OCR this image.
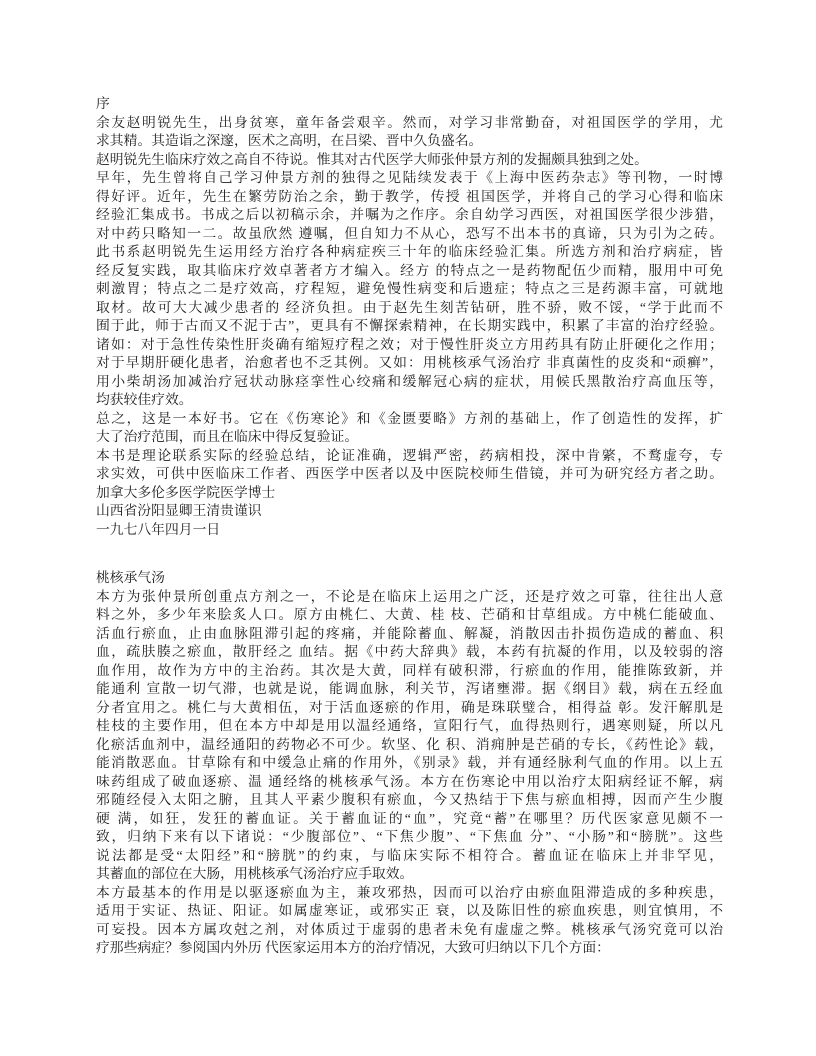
序
余友赵明锐先生，出身贫寒，童年备尝艰辛。然而，对学习非常勤奋，对祖国医学的学用，尤
求其精。其造诣之深邃，医术之高明，在吕梁、晋中久负盛名。
赵明锐先生临床疗效之高自不待说。惟其对古代医学大师张仲景方剂的发掘颇具独到之处。
早年，先生曾将自己学习仲景方剂的独得之见陆续发表于《上海中医药杂志》等刊物，一时博
得好评。近年，先生在繁劳防治之余，勤于教学，传授 祖国医学，并将自己的学习心得和临床
经验汇集成书。书成之后以初稿示余，并嘱为之作序。余自幼学习西医，对祖国医学很少涉猎，
对中药只略知一二。故虽欣然 遵嘱，但自知力不从心，恐写不出本书的真谛，只为引为之砖。
此书系赵明锐先生运用经方治疗各种病症疾三十年的临床经验汇集。所选方剂和治疗病症，皆
经反复实践，取其临床疗效卓著者方才编入。经方 的特点之一是药物配伍少而精，服用中可免
刺激胃；特点之二是疗效高，疗程短，避免慢性病变和后遗症；特点之三是药源丰富，可就地
取材。故可大大减少患者的 经济负担。由于赵先生刻苦钻研，胜不骄，败不馁，“学于此而不
囿于此，师于古而又不泥于古”，更具有不懈探索精神，在长期实践中，积累了丰富的治疗经验。
诸如：对于急性传染性肝炎确有缩短疗程之效；对于慢性肝炎立方用药具有防止肝硬化之作用；
对于早期肝硬化患者，治愈者也不乏其例。又如：用桃核承气汤治疗 非真菌性的皮炎和“顽癣”，
用小柴胡汤加减治疗冠状动脉痉挛性心绞痛和缓解冠心病的症状，用候氏黑散治疗高血压等，
均获较佳疗效。
总之，这是一本好书。它在《伤寒论》和《金匮要略》方剂的基础上，作了创造性的发挥，扩
大了治疗范围，而且在临床中得反复验证。
本书是理论联系实际的经验总结，论证准确，逻辑严密，药病相投，深中肯綮，不鹜虚夸，专
求实效，可供中医临床工作者、西医学中医者以及中医院校师生借镜，并可为研究经方者之助。
加拿大多伦多医学院医学博士
山西省汾阳显卿王清贵谨识
一九七八年四月一日
桃核承气汤
本方为张仲景所创重点方剂之一，不论是在临床上运用之广泛，还是疗效之可靠，往往出人意
料之外，多少年来脍炙人口。原方由桃仁、大黄、桂 枝、芒硝和甘草组成。方中桃仁能破血、
活血行瘀血，止由血脉阻滞引起的疼痛，并能除蓄血、解凝，消散因击扑损伤造成的蓄血、积
血，疏肤腠之瘀血，散肝经之 血结。据《中药大辞典》载，本药有抗凝的作用，以及较弱的溶
血作用，故作为方中的主治药。其次是大黄，同样有破积滞，行瘀血的作用，能推陈致新，并
能通利 宣散一切气滞，也就是说，能调血脉，利关节，泻诸壅滞。据《纲目》载，病在五经血
分者宜用之。桃仁与大黄相伍，对于活血逐瘀的作用，确是珠联璧合，相得益 彰。发汗解肌是
桂枝的主要作用，但在本方中却是用以温经通络，宣阳行气，血得热则行，遇寒则疑，所以凡
化瘀活血剂中，温经通阳的药物必不可少。软坚、化 积、消痈肿是芒硝的专长，《药性论》载，
能消散恶血。甘草除有和中缓急止痛的作用外，《别录》载，并有通经脉利气血的作用。以上五
味药组成了破血逐瘀、温 通经络的桃核承气汤。本方在伤寒论中用以治疗太阳病经证不解，病
邪随经侵入太阳之腑，且其人平素少腹积有瘀血，今又热结于下焦与瘀血相搏，因而产生少腹
硬 满，如狂，发狂的蓄血证。关于蓄血证的“血”，究竟“蓄”在哪里？历代医家意见颇不一
致，归纳下来有以下诸说：“少腹部位”、“下焦少腹”、“下焦血 分”、“小肠”和“膀胱”。这些
说法都是受“太阳经”和“膀胱”的约束，与临床实际不相符合。蓄血证在临床上并非罕见，
其蓄血的部位在大肠，用桃核承气汤治疗应手取效。
本方最基本的作用是以驱逐瘀血为主，兼攻邪热，因而可以治疗由瘀血阻滞造成的多种疾患，
适用于实证、热证、阳证。如属虚寒证，或邪实正 衰，以及陈旧性的瘀血疾患，则宜慎用，不
可妄投。因本方属攻尅之剂，对体质过于虚弱的患者未免有虚虚之弊。桃核承气汤究竟可以治
疗那些病症？参阅国内外历 代医家运用本方的治疗情况，大致可归纳以下几个方面：
